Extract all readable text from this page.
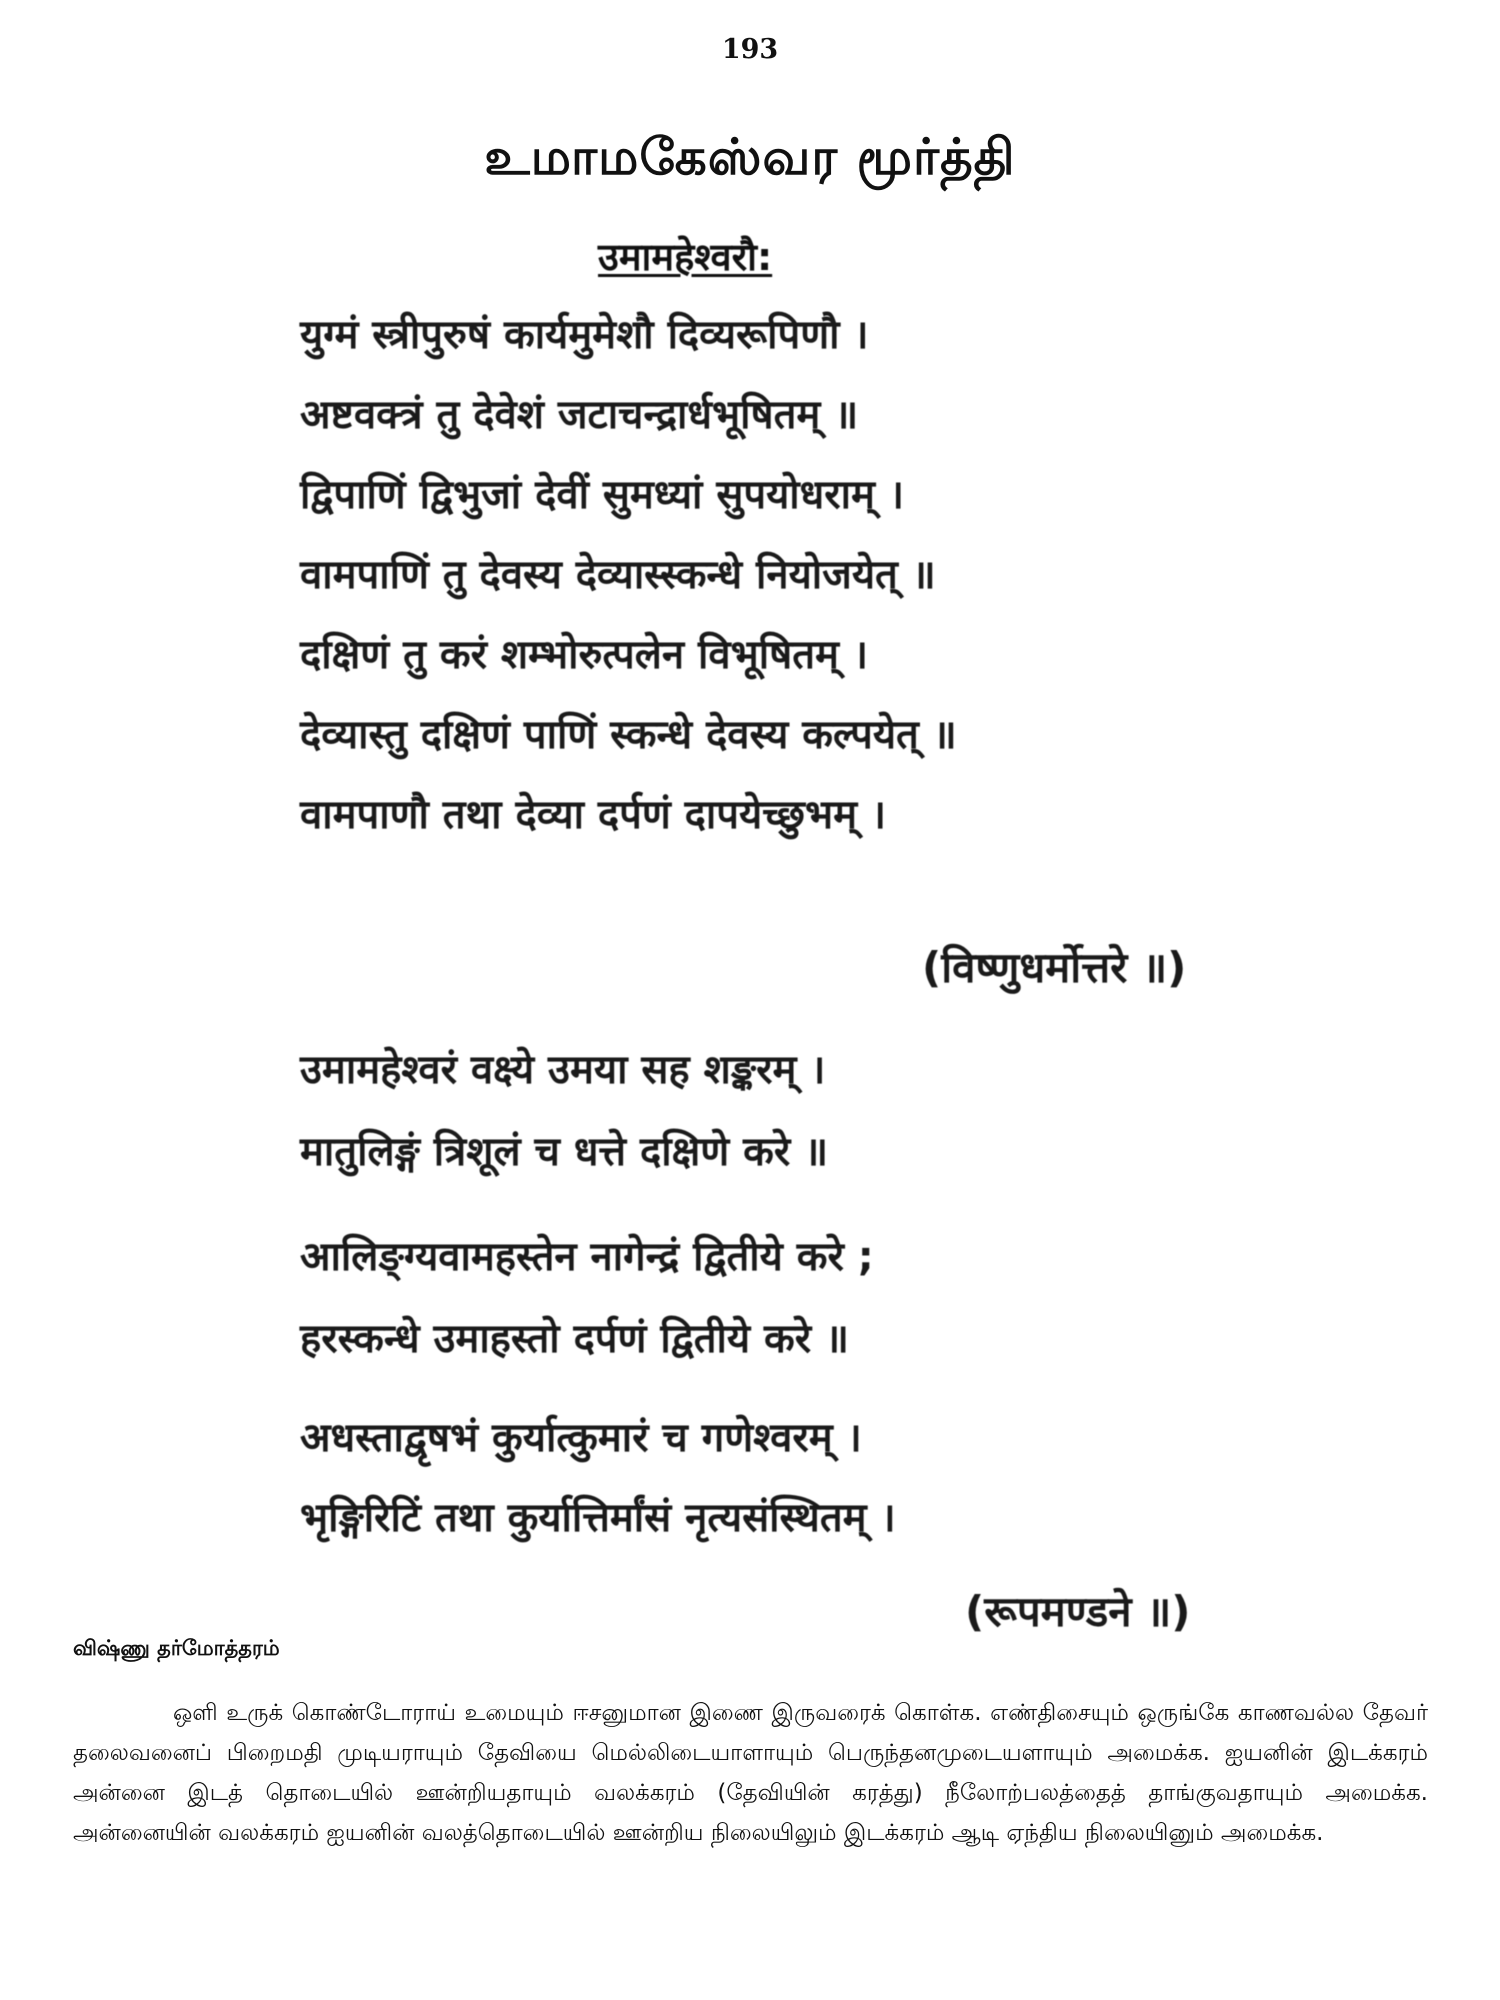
193
உமாமகேஸ்வர மூர்த்தி
उमामहेश्वरौ:
युग्मं स्त्रीपुरुषं कार्यमुमेशौ दिव्यरूपिणौ ।
अष्टवक्त्रं तु देवेशं जटाचन्द्रार्धभूषितम् ॥
द्विपाणिं द्विभुजां देवीं सुमध्यां सुपयोधराम् ।
वामपाणिं तु देवस्य देव्यास्स्कन्धे नियोजयेत् ॥
दक्षिणं तु करं शम्भोरुत्पलेन विभूषितम् ।
देव्यास्तु दक्षिणं पाणिं स्कन्धे देवस्य कल्पयेत् ॥
वामपाणौ तथा देव्या दर्पणं दापयेच्छुभम् ।
(विष्णुधर्मोत्तरे ॥)
उमामहेश्वरं वक्ष्ये उमया सह शङ्करम् ।
मातुलिङ्गं त्रिशूलं च धत्ते दक्षिणे करे ॥
आलिङ्ग्यवामहस्तेन नागेन्द्रं द्वितीये करे ;
हरस्कन्धे उमाहस्तो दर्पणं द्वितीये करे ॥
अधस्ताद्वृषभं कुर्यात्कुमारं च गणेश्वरम् ।
भृङ्गिरिटिं तथा कुर्यात्तिर्मांसं नृत्यसंस्थितम् ।
(रूपमण्डने ॥)
விஷ்ணு தர்மோத்தரம்

ஒளி உருக் கொண்டோராய் உமையும் ஈசனுமான இணை இருவரைக் கொள்க. எண்திசையும் ஒருங்கே காணவல்ல தேவர் தலைவனைப் பிறைமதி முடியராயும் தேவியை மெல்லிடையாளாயும் பெருந்தனமுடையளாயும் அமைக்க. ஐயனின் இடக்கரம் அன்னை இடத் தொடையில் ஊன்றியதாயும் வலக்கரம் (தேவியின் கரத்து) நீலோற்பலத்தைத் தாங்குவதாயும் அமைக்க. அன்னையின் வலக்கரம் ஐயனின் வலத்தொடையில் ஊன்றிய நிலையிலும் இடக்கரம் ஆடி ஏந்திய நிலையினும் அமைக்க.
